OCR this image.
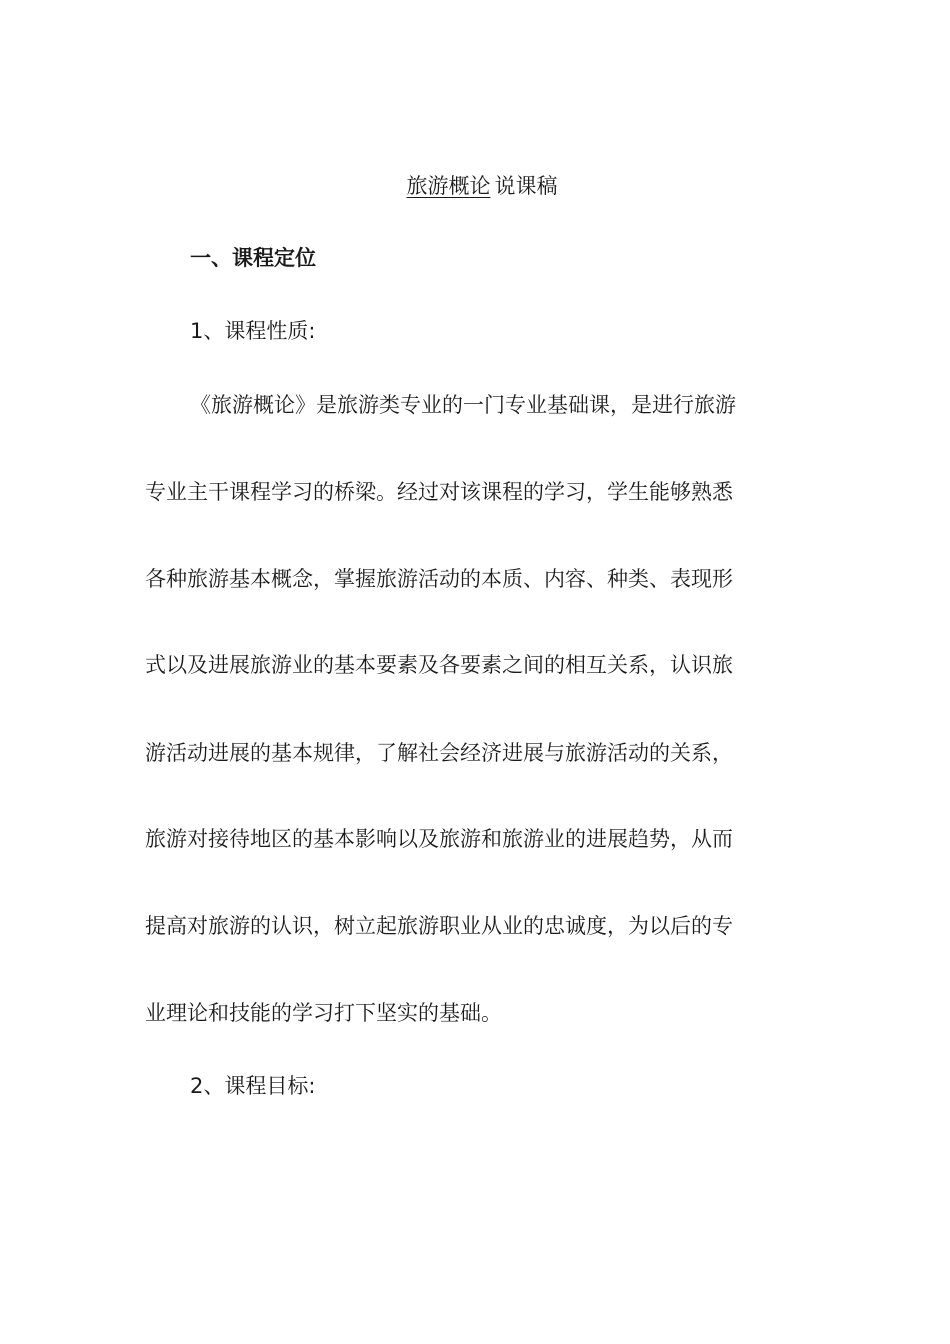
旅游概论 说课稿
一、课程定位
1、课程性质:
《旅游概论》是旅游类专业的一门专业基础课，是进行旅游
专业主干课程学习的桥梁。经过对该课程的学习，学生能够熟悉
各种旅游基本概念，掌握旅游活动的本质、内容、种类、表现形
式以及进展旅游业的基本要素及各要素之间的相互关系，认识旅
游活动进展的基本规律，了解社会经济进展与旅游活动的关系，
旅游对接待地区的基本影响以及旅游和旅游业的进展趋势，从而
提高对旅游的认识，树立起旅游职业从业的忠诚度，为以后的专
业理论和技能的学习打下坚实的基础。
2、课程目标:
